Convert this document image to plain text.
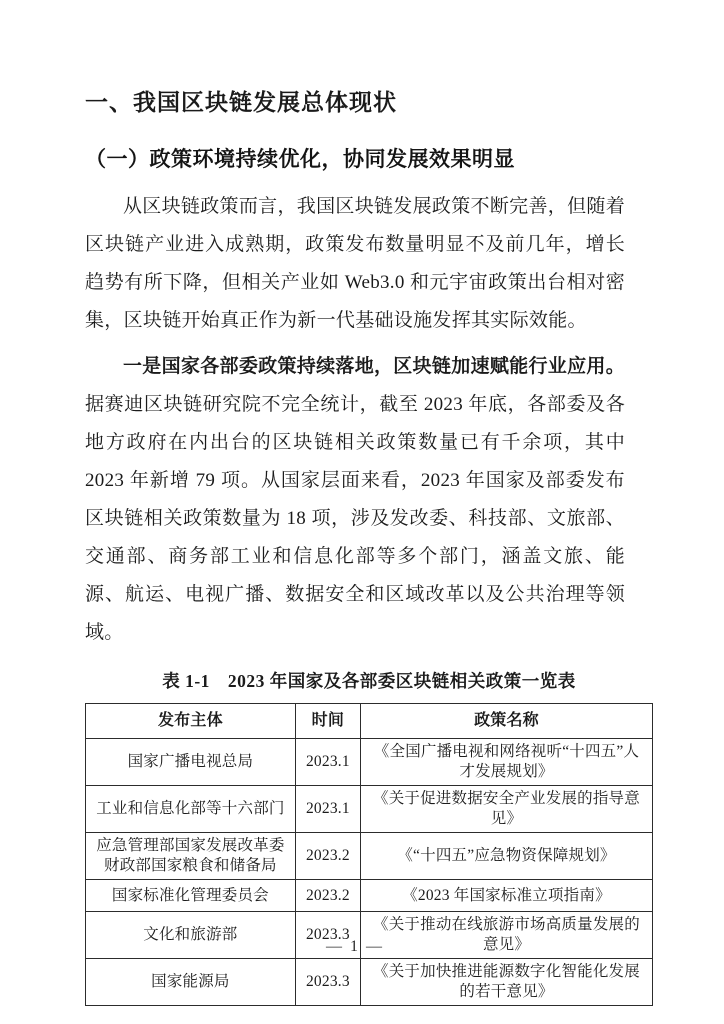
一、我国区块链发展总体现状
（一）政策环境持续优化，协同发展效果明显

从区块链政策而言，我国区块链发展政策不断完善，但随着区块链产业进入成熟期，政策发布数量明显不及前几年，增长趋势有所下降，但相关产业如 Web3.0 和元宇宙政策出台相对密集，区块链开始真正作为新一代基础设施发挥其实际效能。

一是国家各部委政策持续落地，区块链加速赋能行业应用。据赛迪区块链研究院不完全统计，截至 2023 年底，各部委及各地方政府在内出台的区块链相关政策数量已有千余项，其中 2023 年新增 79 项。从国家层面来看，2023 年国家及部委发布区块链相关政策数量为 18 项，涉及发改委、科技部、文旅部、交通部、商务部工业和信息化部等多个部门，涵盖文旅、能源、航运、电视广播、数据安全和区域改革以及公共治理等领域。

表 1-1　2023 年国家及各部委区块链相关政策一览表

发布主体	时间	政策名称
国家广播电视总局	2023.1	《全国广播电视和网络视听“十四五”人才发展规划》
工业和信息化部等十六部门	2023.1	《关于促进数据安全产业发展的指导意见》
应急管理部国家发展改革委财政部国家粮食和储备局	2023.2	《“十四五”应急物资保障规划》
国家标准化管理委员会	2023.2	《2023 年国家标准立项指南》
文化和旅游部	2023.3	《关于推动在线旅游市场高质量发展的意见》
国家能源局	2023.3	《关于加快推进能源数字化智能化发展的若干意见》
— 1 —
